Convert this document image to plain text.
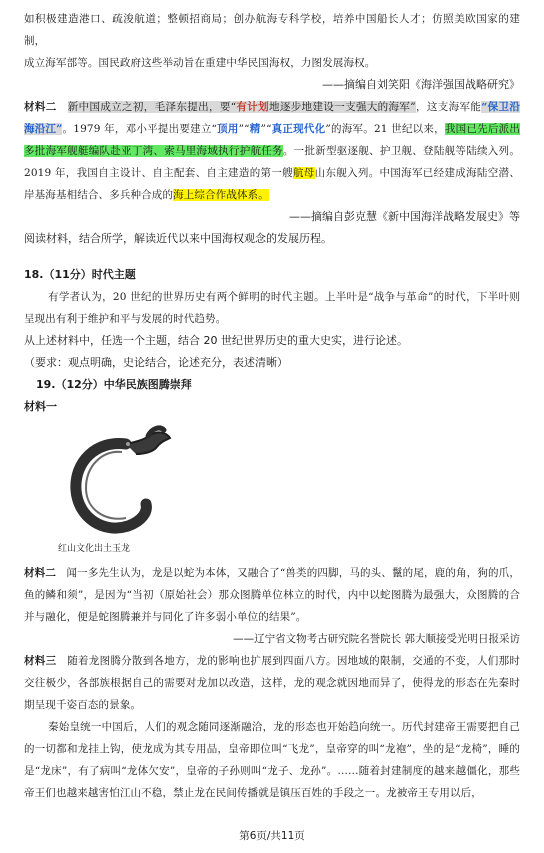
如积极建造港口、疏浚航道；整顿招商局；创办航海专科学校，培养中国船长人才；仿照美欧国家的建制，

成立海军部等。国民政府这些举动旨在重建中华民国海权，力图发展海权。

——摘编自刘笑阳《海洋强国战略研究》

材料二 新中国成立之初，毛泽东提出，要“有计划地逐步地建设一支强大的海军”，这支海军能“保卫沿海沿江”。1979 年，邓小平提出要建立“顶用”“精”“真正现代化”的海军。21 世纪以来，我国已先后派出多批海军舰艇编队赴亚丁湾、索马里海域执行护航任务。一批新型驱逐舰、护卫舰、登陆舰等陆续入列。2019 年，我国自主设计、自主配套、自主建造的第一艘航母山东舰入列。中国海军已经建成海陆空潜、岸基海基相结合、多兵种合成的海上综合作战体系。

——摘编自彭克慧《新中国海洋战略发展史》等

阅读材料，结合所学，解读近代以来中国海权观念的发展历程。

18.（11分）时代主题

有学者认为，20 世纪的世界历史有两个鲜明的时代主题。上半叶是“战争与革命”的时代，下半叶则呈现出有利于维护和平与发展的时代趋势。

从上述材料中，任选一个主题，结合 20 世纪世界历史的重大史实，进行论述。

（要求：观点明确，史论结合，论述充分，表述清晰）

19.（12分）中华民族图腾崇拜

材料一

红山文化出土玉龙

材料二 闻一多先生认为，龙是以蛇为本体，又融合了“兽类的四脚，马的头、鬣的尾，鹿的角，狗的爪，鱼的鳞和须”，是因为“当初（原始社会）那众图腾单位林立的时代，内中以蛇图腾为最强大，众图腾的合并与融化，便是蛇图腾兼并与同化了许多弱小单位的结果”。

——辽宁省文物考古研究院名誉院长 郭大顺接受光明日报采访

材料三 随着龙图腾分散到各地方，龙的影响也扩展到四面八方。因地域的限制，交通的不变，人们那时交往极少，各部族根据自己的需要对龙加以改造，这样，龙的观念就因地而异了，使得龙的形态在先秦时期呈现千姿百态的景象。

秦始皇统一中国后，人们的观念随同逐渐融洽，龙的形态也开始趋向统一。历代封建帝王需要把自己的一切都和龙挂上钩，使龙成为其专用品，皇帝即位叫“飞龙”，皇帝穿的叫“龙袍”，坐的是“龙椅”，睡的是“龙床”，有了病叫“龙体欠安”，皇帝的子孙则叫“龙子、龙孙”。……随着封建制度的越来越僵化，那些帝王们也越来越害怕江山不稳，禁止龙在民间传播就是镇压百姓的手段之一。龙被帝王专用以后，

第6页/共11页
